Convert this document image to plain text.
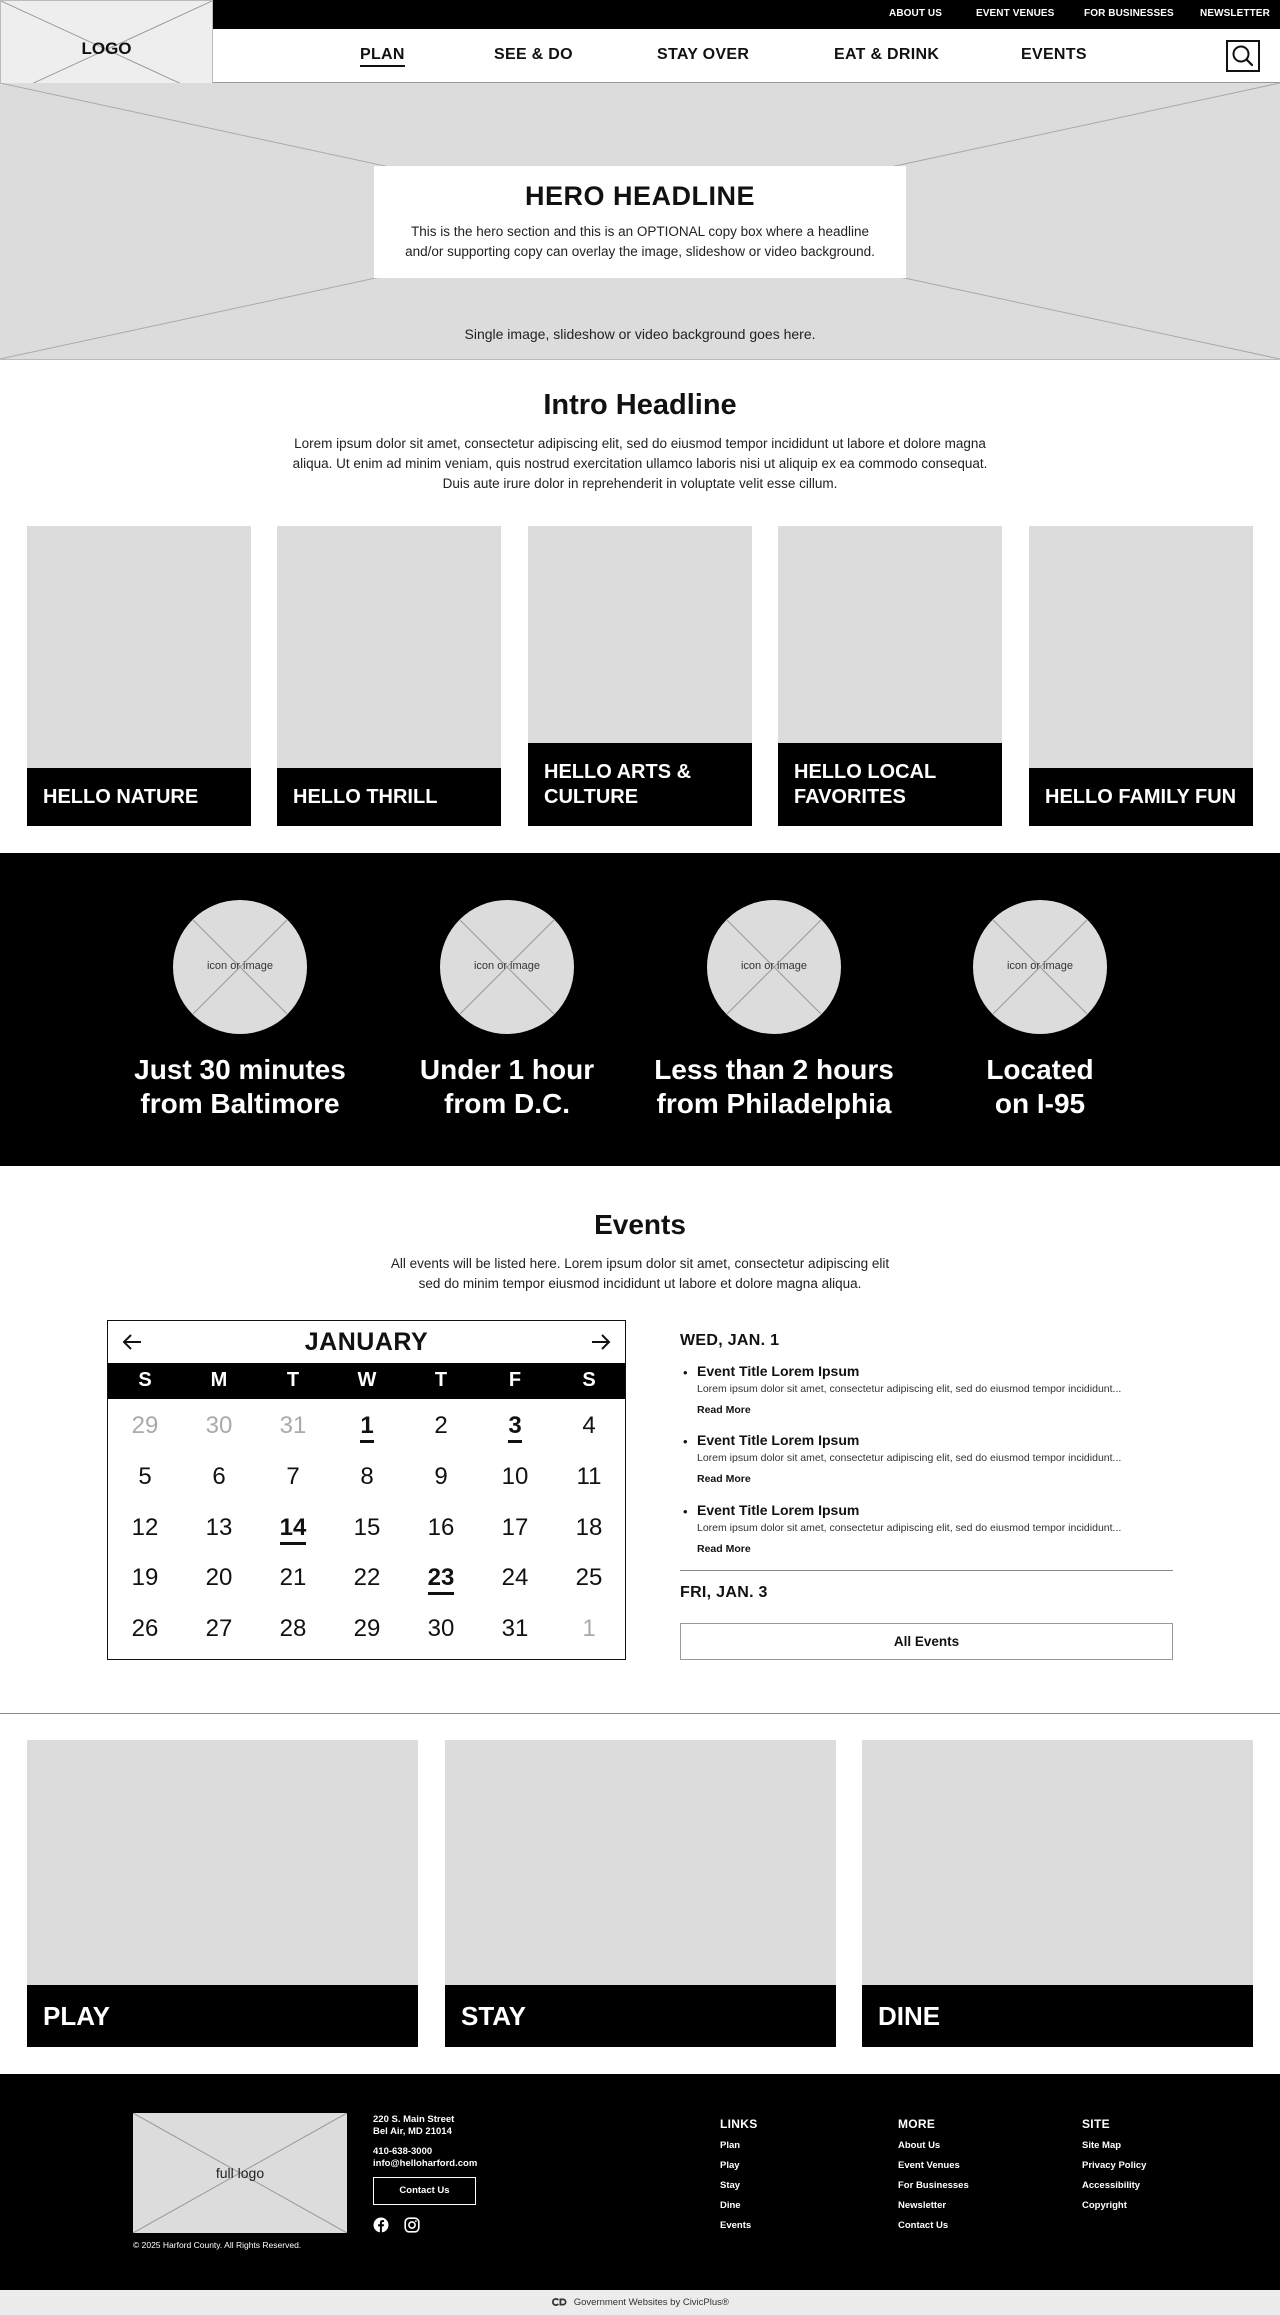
ABOUT US	EVENT VENUES	FOR BUSINESSES	NEWSLETTER
PLAN	SEE & DO	STAY OVER	EAT & DRINK	EVENTS
LOGO
HERO HEADLINE
This is the hero section and this is an OPTIONAL copy box where a headline and/or supporting copy can overlay the image, slideshow or video background.
Single image, slideshow or video background goes here.
Intro Headline
Lorem ipsum dolor sit amet, consectetur adipiscing elit, sed do eiusmod tempor incididunt ut labore et dolore magna aliqua. Ut enim ad minim veniam, quis nostrud exercitation ullamco laboris nisi ut aliquip ex ea commodo consequat. Duis aute irure dolor in reprehenderit in voluptate velit esse cillum.
HELLO NATURE	HELLO THRILL
HELLO ARTS & CULTURE
HELLO LOCAL FAVORITES	HELLO FAMILY FUN
icon or image	icon or image	icon or image	icon or image
Just 30 minutes
from Baltimore
Under 1 hour
from D.C.
Less than 2 hours
from Philadelphia
Located
on I-95
Events
All events will be listed here. Lorem ipsum dolor sit amet, consectetur adipiscing elit sed do minim tempor eiusmod incididunt ut labore et dolore magna aliqua.
JANUARY
S	M	T	W	T	F	S
29	30	31	1	2	3	4
5	6	7	8	9	10	11
12	13	14	15	16	17	18
19	20	21	22	23	24	25
26	27	28	29	30	31	1
WED, JAN. 1
• Event Title Lorem Ipsum
Lorem ipsum dolor sit amet, consectetur adipiscing elit, sed do eiusmod tempor incididunt...
Read More
• Event Title Lorem Ipsum
Lorem ipsum dolor sit amet, consectetur adipiscing elit, sed do eiusmod tempor incididunt...
Read More
• Event Title Lorem Ipsum
Lorem ipsum dolor sit amet, consectetur adipiscing elit, sed do eiusmod tempor incididunt...
Read More
FRI, JAN. 3
All Events
PLAY	STAY	DINE
full logo
© 2025 Harford County. All Rights Reserved.
220 S. Main Street
Bel Air, MD 21014
410-638-3000
info@helloharford.com
Contact Us
LINKS
Plan
Play
Stay
Dine
Events
MORE
About Us
Event Venues
For Businesses
Newsletter
Contact Us
SITE
Site Map
Privacy Policy
Accessibility
Copyright
Government Websites by CivicPlus®
